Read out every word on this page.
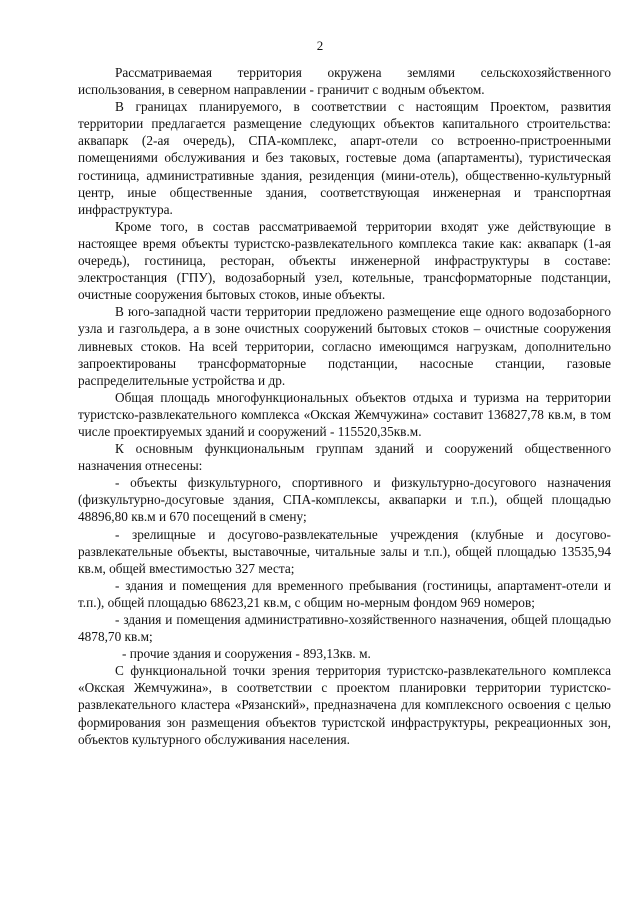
2

Рассматриваемая территория окружена землями сельскохозяйственного использования, в северном направлении - граничит с водным объектом.

В границах планируемого, в соответствии с настоящим Проектом, развития территории предлагается размещение следующих объектов капитального строительства: аквапарк (2-ая очередь), СПА-комплекс, апарт-отели со встроенно-пристроенными помещениями обслуживания и без таковых, гостевые дома (апартаменты), туристическая гостиница, административные здания, резиденция (мини-отель), общественно-культурный центр, иные общественные здания, соответствующая инженерная и транспортная инфраструктура.

Кроме того, в состав рассматриваемой территории входят уже действующие в настоящее время объекты туристско-развлекательного комплекса такие как: аквапарк (1-ая очередь), гостиница, ресторан, объекты инженерной инфраструктуры в составе: электростанция (ГПУ), водозаборный узел, котельные, трансформаторные подстанции, очистные сооружения бытовых стоков, иные объекты.

В юго-западной части территории предложено размещение еще одного водозаборного узла и газгольдера, а в зоне очистных сооружений бытовых стоков – очистные сооружения ливневых стоков. На всей территории, согласно имеющимся нагрузкам, дополнительно запроектированы трансформаторные подстанции, насосные станции, газовые распределительные устройства и др.

Общая площадь многофункциональных объектов отдыха и туризма на территории туристско-развлекательного комплекса «Окская Жемчужина» составит 136827,78 кв.м, в том числе проектируемых зданий и сооружений - 115520,35кв.м.

К основным функциональным группам зданий и сооружений общественного назначения отнесены:

- объекты физкультурного, спортивного и физкультурно-досугового назначения (физкультурно-досуговые здания, СПА-комплексы, аквапарки и т.п.), общей площадью 48896,80 кв.м и 670 посещений в смену;

- зрелищные и досугово-развлекательные учреждения (клубные и досугово-развлекательные объекты, выставочные, читальные залы и т.п.), общей площадью 13535,94 кв.м, общей вместимостью 327 места;

- здания и помещения для временного пребывания (гостиницы, апартамент-отели и т.п.), общей площадью 68623,21 кв.м, с общим но-мерным фондом 969 номеров;

- здания и помещения административно-хозяйственного назначения, общей площадью 4878,70 кв.м;

- прочие здания и сооружения - 893,13кв. м.

С функциональной точки зрения территория туристско-развлекательного комплекса «Окская Жемчужина», в соответствии с проектом планировки территории туристско-развлекательного кластера «Рязанский», предназначена для комплексного освоения с целью формирования зон размещения объектов туристской инфраструктуры, рекреационных зон, объектов культурного обслуживания населения.
